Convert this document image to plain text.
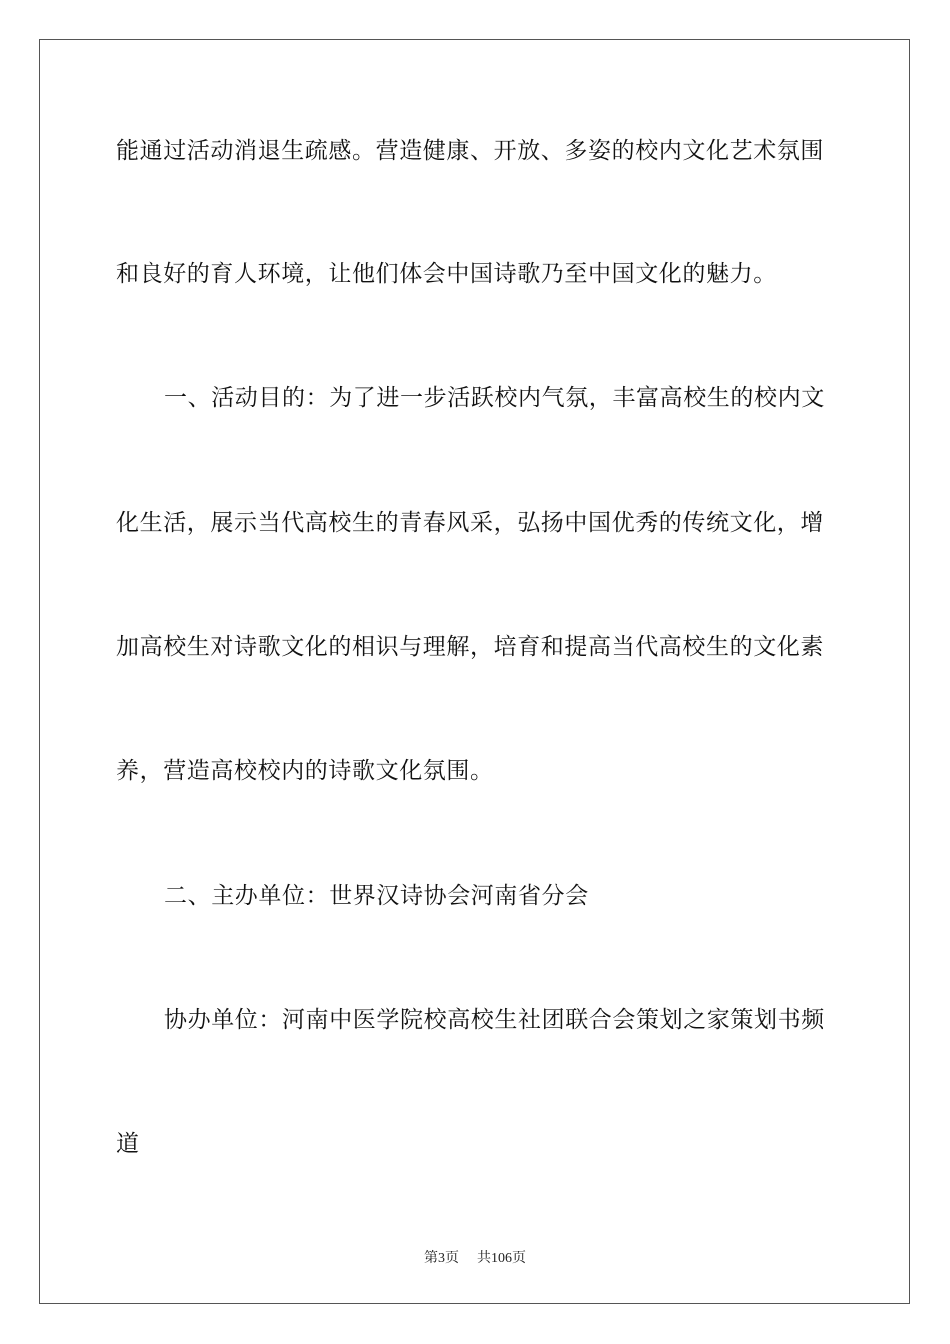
能通过活动消退生疏感。营造健康、开放、多姿的校内文化艺术氛围
和良好的育人环境，让他们体会中国诗歌乃至中国文化的魅力。
一、活动目的：为了进一步活跃校内气氛，丰富高校生的校内文
化生活，展示当代高校生的青春风采，弘扬中国优秀的传统文化，增
加高校生对诗歌文化的相识与理解，培育和提高当代高校生的文化素
养，营造高校校内的诗歌文化氛围。
二、主办单位：世界汉诗协会河南省分会
协办单位：河南中医学院校高校生社团联合会策划之家策划书频
道
第3页 共106页
